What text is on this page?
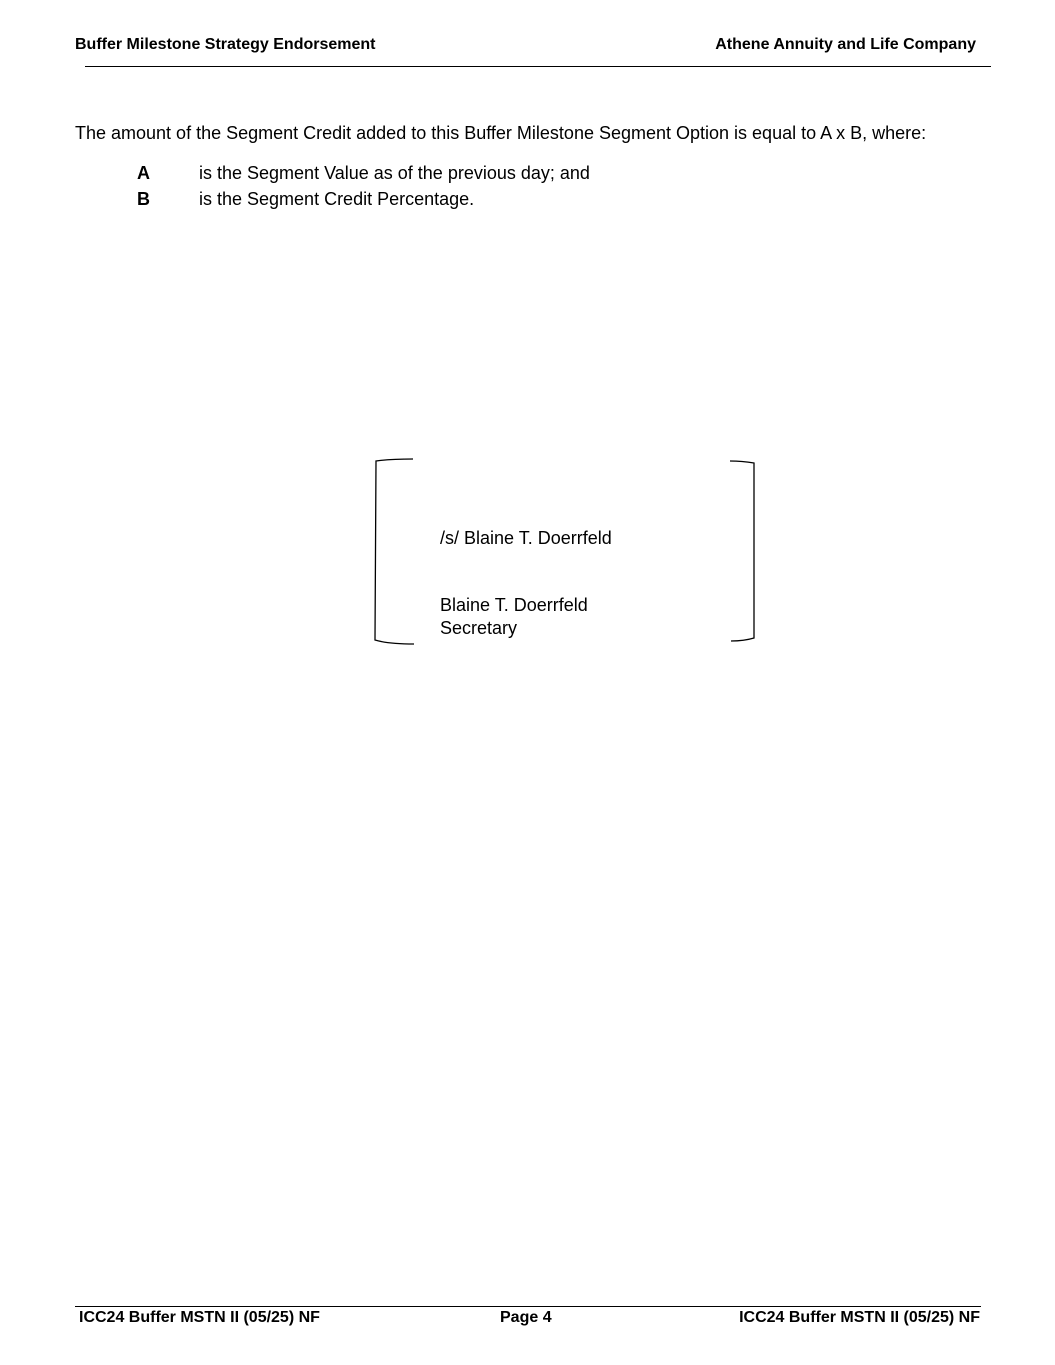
Buffer Milestone Strategy Endorsement	Athene Annuity and Life Company
The amount of the Segment Credit added to this Buffer Milestone Segment Option is equal to A x B, where:
A	is the Segment Value as of the previous day; and
B	is the Segment Credit Percentage.
/s/ Blaine T. Doerrfeld
Blaine T. Doerrfeld
Secretary
ICC24 Buffer MSTN II (05/25) NF	Page 4	ICC24 Buffer MSTN II (05/25) NF
